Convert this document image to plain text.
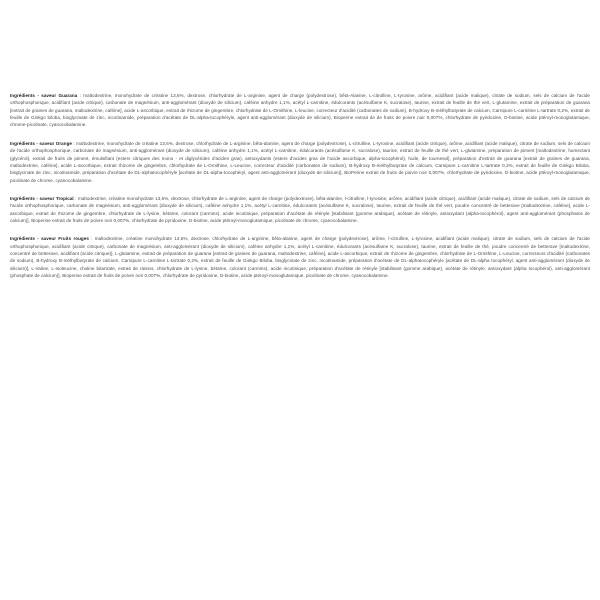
Ingrédients - saveur Guarana : maltodextrine, monohydrate de créatine 13,6%, dextrose, chlorhydrate de L-arginine, agent de charge (polydextrose), bêta-Alanine, L-citrulline, L-tyrosine, arôme, acidifiant (acide malique), citrate de sodium, sels de calcium de l'acide orthophosphorique, acidifiant (acide citrique), carbonate de magnésium, anti-agglomérant (dioxyde de silicium), caféine anhydre 1,1%, acétyl L-carnitine, édulcorants (acésulfame K, sucralose), taurine, extrait de feuille de thé vert, L-glutamine, extrait de préparation de guarana [extrait de graines de guarana, maltodextrine, caféine], acide L-ascorbique, extrait de rhizome de gingembre, chlorhydrate de L-Ornithine, L-leucine, correcteur d'acidité (carbonates de sodium), B-hydroxy B-méthylbutyrate de calcium, Carnipure L-carnitine L-tartrate 0,2%, extrait de feuille de Ginkgo biloba, bioglycinate de zinc, nicotinamide, préparation d'acétate de DL-alpha-tocophéryle, agent anti-agglomérant (dioxyde de silicium), Bioperine extrait de de fruits de poivre noir 0,007%, chlorhydrate de pyridoxine, D-biotine, acide ptéroyl-monoglutamique, chrome-picolinate, cyanocobalamine.

Ingrédients - saveur Orange : maltodextrine, monohydrate de créatine 13,6%, dextrose, chlorhydrate de L-arginine, bêta-alanine, agent de charge (polydextrose), L-citrulline, L-tyrosine, acidifiant (acide citrique), arôme, acidifiant (acide malique), citrate de sodium, sels de calcium de l'acide orthophosphorique, carbonate de magnésium, anti-agglomérant (dioxyde de silicium), caféine anhydre 1,1%, acétyl L-carnitine, édulcorants (acésulfame K, sucralose), taurine, extrait de feuille de thé vert, L-glutamine, préparation de piment [maltodextrine, humectant (glycérol), extrait de fruits de piment, émulsifiant (esters citriques des mono - et diglycérides d'acides gras), antioxydants (esters d'acides gras de l'acide ascorbique, alpha-tocophérol), huile, de tournesol], préparation d'extrait de guarana [extrait de graines de guarana, maltodextrine, caféine], acide L-ascorbique, extrait rhizome de gingembre, chlorhydrate de L-Ornithine, L-Leucine, correcteur d'acidité (carbonates de sodium), B-hydroxy B-méthylbutyrate de calcium, Carnipure L-carnitine L-tartrate 0,2%, extrait de feuille de Ginkgo Biloba, bisglycinate de zinc, nicotinamide, préparation d'acétate de DL-alphatocophéryle [acétate de DL-alpha-tocophéryl, agent anti-agglomérant (dioxyde de silicium)], BioPerine extrait de fruits de poivre noir 0,007%, chlorhydrate de pyridoxine, D-biotine, acide ptéroyl-monoglutamique, picolinate de chrome, cyanocobalamine.

Ingrédients - saveur Tropical : maltodextrine, créatine monohydrate 13,6%, dextrose, chlorhydrate de L-arginine, agent de charge (polydextrose), bêta-alanine, l-citrulline, l-tyrosine, arôme, acidifiant (acide citrique), acidifiant (acide malique), citrate de sodium, sels de calcium de l'acide orthophosphorique, carbonate de magnésium, anti-agglomérant (dioxyde de silicium), caféine anhydre 1,1%, acétyl L-carnitine, édulcorants (acésulfame K, sucralose), taurine, extrait de feuille de thé vert, poudre concentré de betterave [maltodextrine, caféine], acide L-ascorbique, extrait de rhizome de gingembre, chlorhydrate de L-lysine, bétaïne, colorant (carmins), acide nicotinique, préparation d'acétate de rétinyle [stabilisant (gomme arabique), acétate de rétinyle, antioxydant (alpha-tocophérol), agent anti-agglomérant (phosphatos de calcium)], Bioperine extrait de fruits de poivre noir 0,007%, chlorhydrate de pyridoxine, D-biotine, acide ptéroyl-monoglutamique, picolinate de chrome, cyanocobalamine.

Ingrédients - saveur Fruits rouges : maltodextrine, créatine monohydrate 13,6%, dextrose, chlorhydrate de L-arginine, bêta-alanine, agent de charge (polydextrose), arôme, l-citrulline, L-tyrosine, acidifiant (acide malique), citrate de sodium, sels de calcium de l'acide orthophosphorique, acidifiant (acide citrique), carbonate de magnésium, anti-agglomérant (dioxyde de silicium), caféine anhydre 1,1%, acétyl L-carnitine, édulcorants (acésulfame K, sucralose), taurine, extrait de feuille de thé, poudre concentré de betterave [maltodextrine, concentré de betterave, acidifiant (acide citrique)], L-glutamine, extrait de préparation de guarana [extrait de graines de guarana, maltodextrine, caféine], acide L-ascorbique, extrait de rhizome de gingembre, chlorhydrate de L-Ornithine, L-Leucine, correcteurs d'acidité (carbonates de sodium), B-hydroxy B-méthylbutyrate de calcium, Carnipure L-carnitine L-tartrate 0,2%, extrait de feuille de Ginkgo Biloba, bisglycinate de zinc, nicotinamide, préparation d'acétate de DL-alphatocophéryle [acétate de DL-alpha tocophéryl, agent anti-agglomérant (dioxyde de silicium)], L-Valine, L-Isoleucine, choline bitartrate, extrait de raisins, chlorhydrate de L-lysine, bétaïne, colorant (carmins), acide nicotinique, préparation d'acétate de rétinyle [stabilisant (gomme arabique), acétate de rétinyle, antioxydant (alpha tocophérol), anti-agglomérant (phosphate de calcium)], Bioperine extrait de fruits de poivre noir 0,007%, chlorhydrate de pyridoxine, D-biotine, acide ptéroyl-monoglutamique, picolinate de chrome, cyanocobalamine.
